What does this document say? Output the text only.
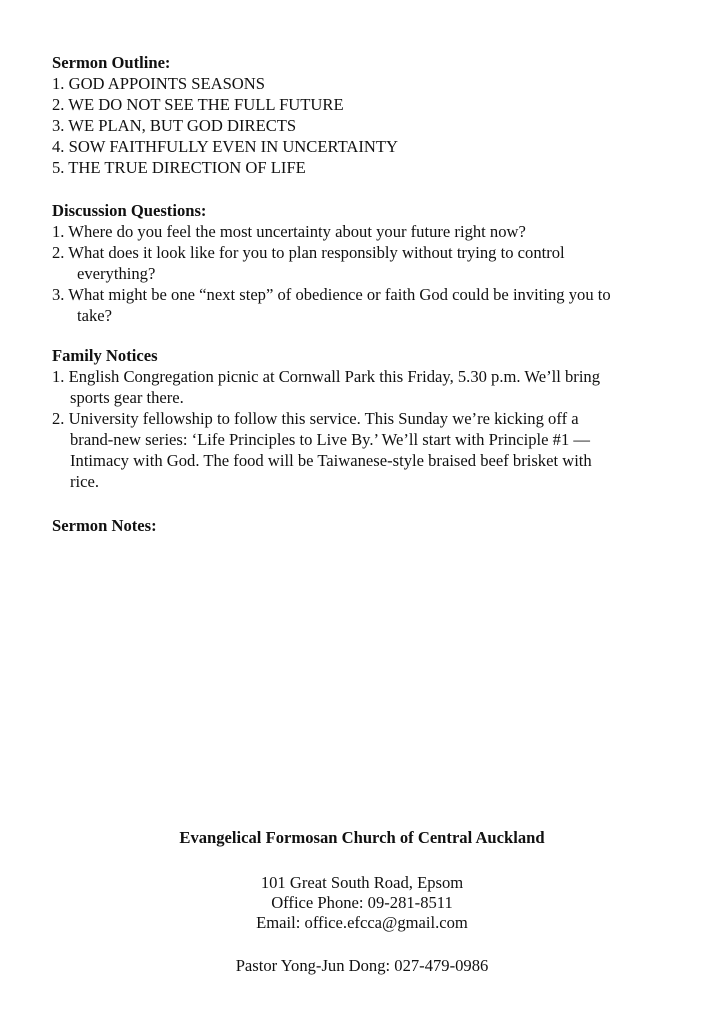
Sermon Outline:
1. GOD APPOINTS SEASONS
2. WE DO NOT SEE THE FULL FUTURE
3. WE PLAN, BUT GOD DIRECTS
4. SOW FAITHFULLY EVEN IN UNCERTAINTY
5. THE TRUE DIRECTION OF LIFE
Discussion Questions:
1. Where do you feel the most uncertainty about your future right now?
2. What does it look like for you to plan responsibly without trying to control
everything?
3. What might be one “next step” of obedience or faith God could be inviting you to
take?
Family Notices
1. English Congregation picnic at Cornwall Park this Friday, 5.30 p.m. We’ll bring
sports gear there.
2. University fellowship to follow this service. This Sunday we’re kicking off a
brand-new series: ‘Life Principles to Live By.’ We’ll start with Principle #1 —
Intimacy with God. The food will be Taiwanese-style braised beef brisket with
rice.
Sermon Notes:
Evangelical Formosan Church of Central Auckland
101 Great South Road, Epsom
Office Phone: 09-281-8511
Email: office.efcca@gmail.com
Pastor Yong-Jun Dong: 027-479-0986
